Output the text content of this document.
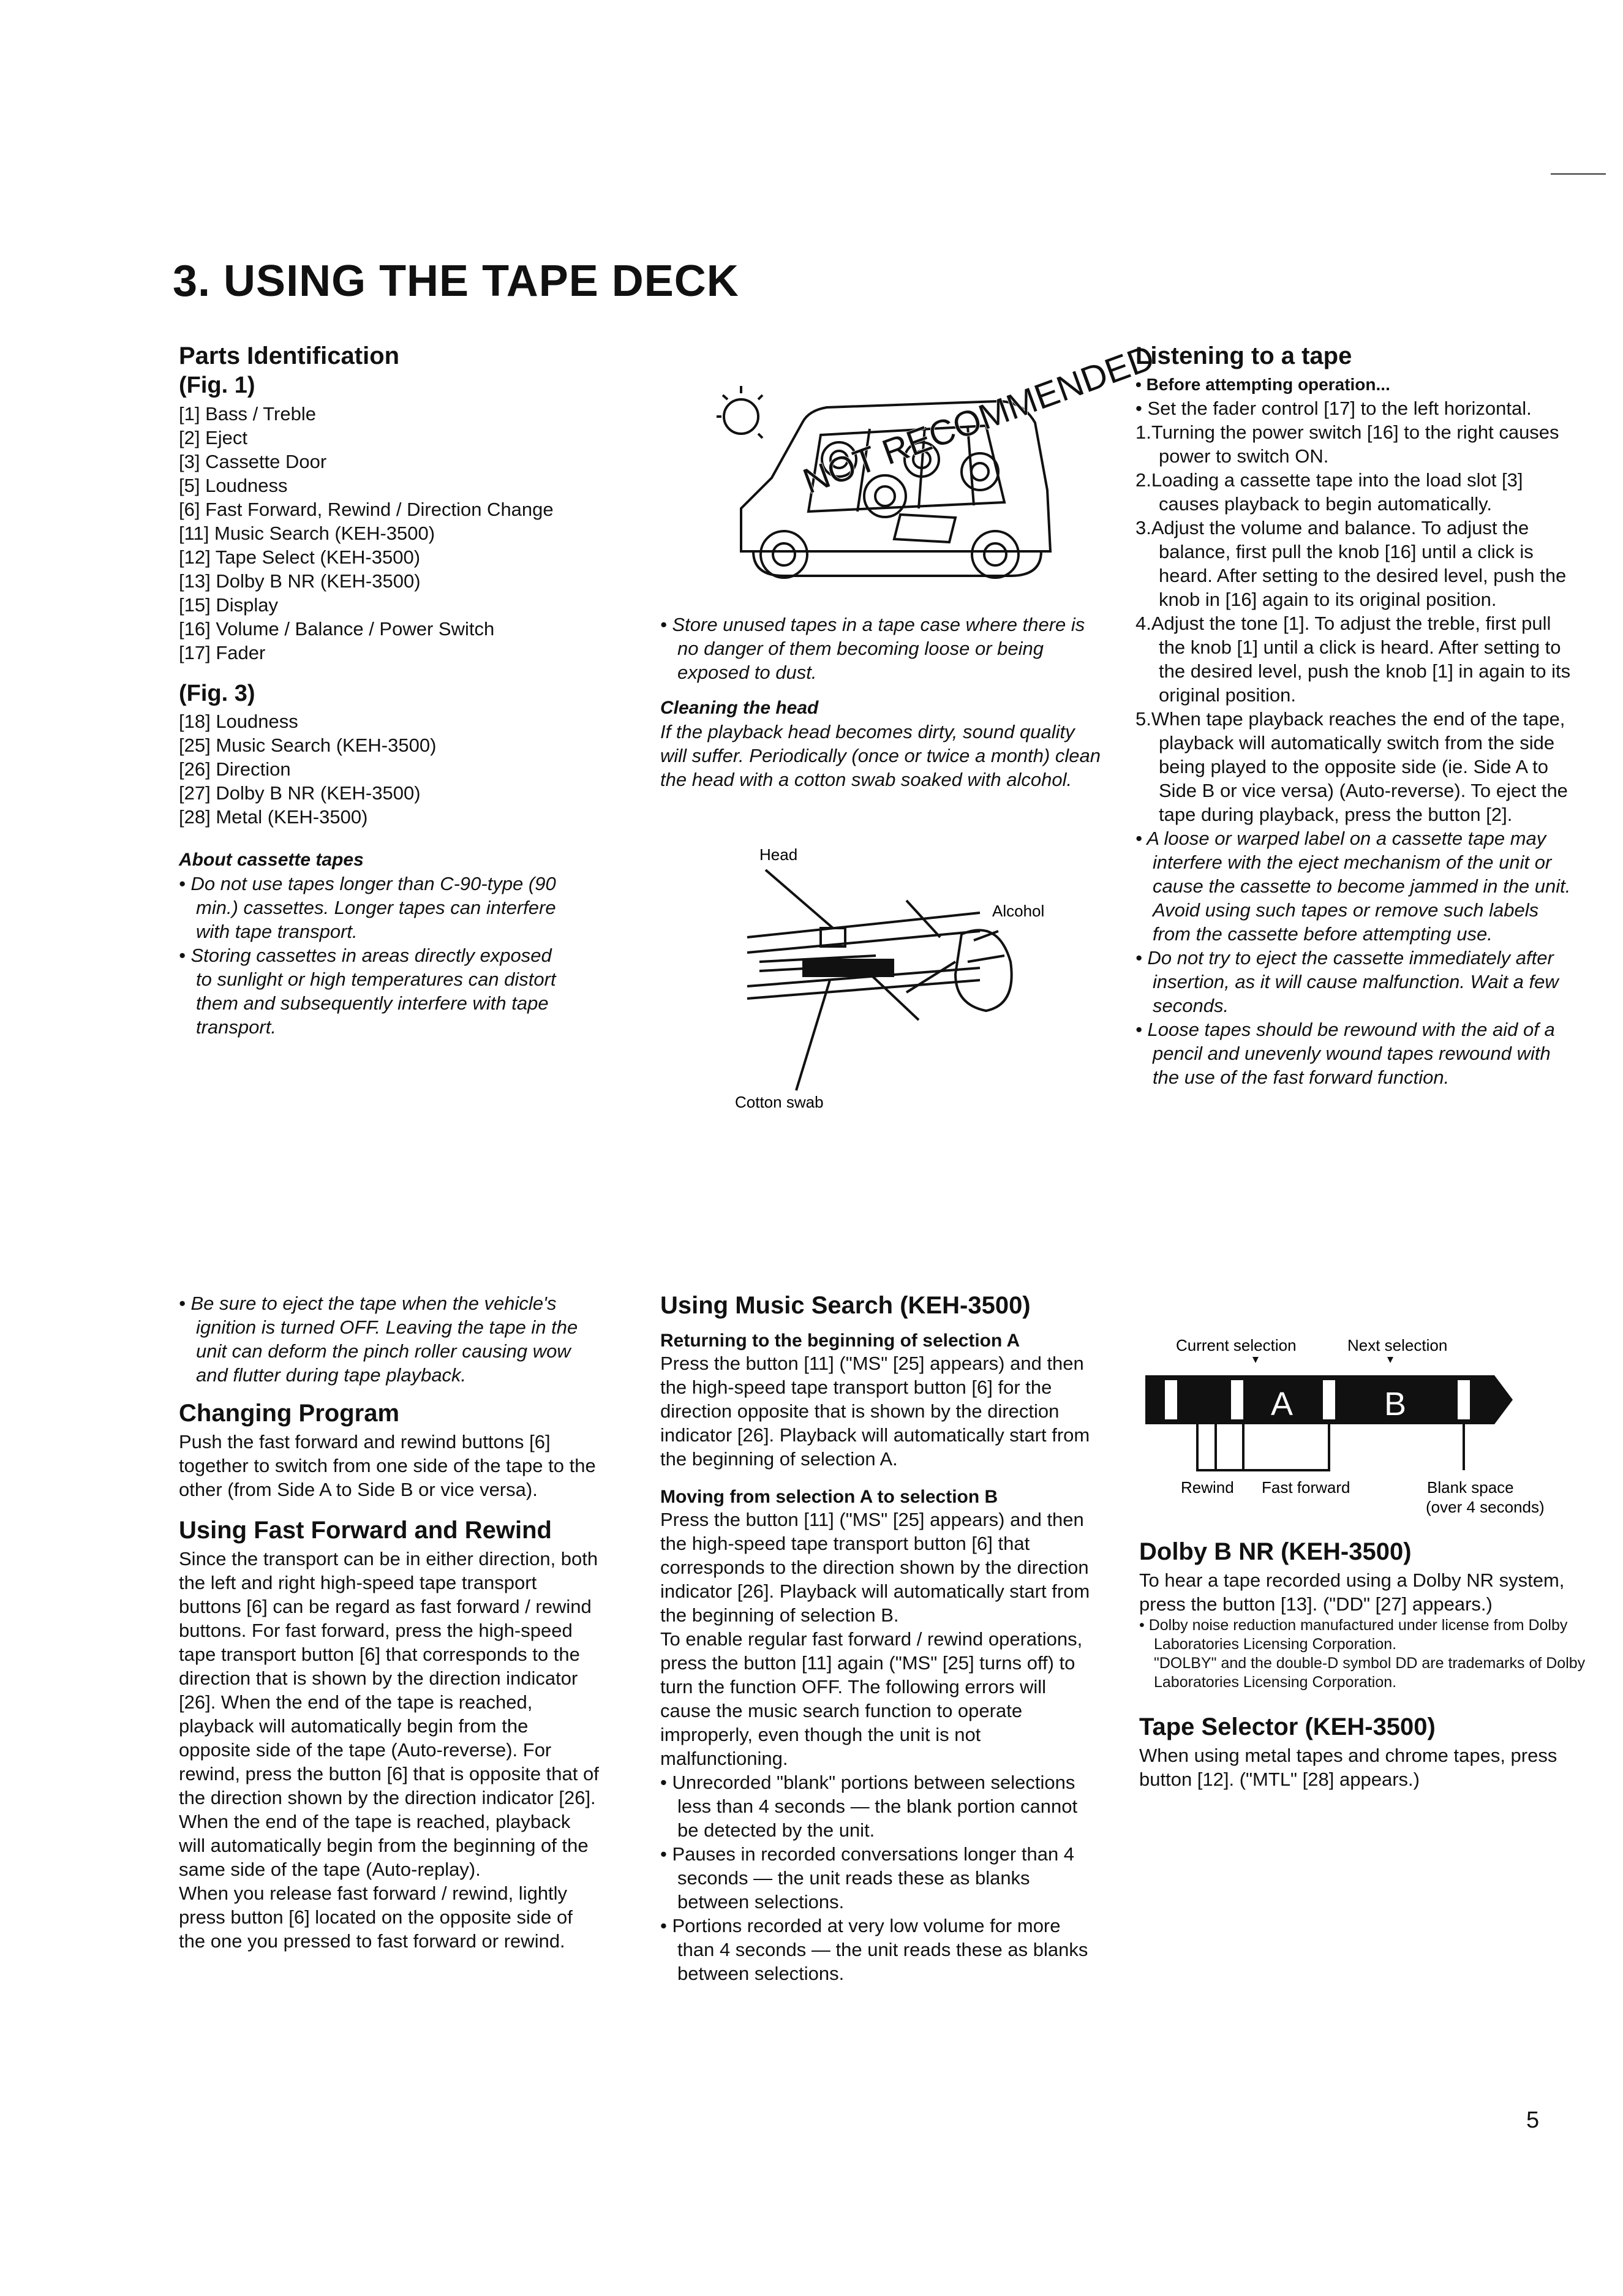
3. USING THE TAPE DECK
Parts Identification
(Fig. 1)
[1] Bass / Treble
[2] Eject
[3] Cassette Door
[5] Loudness
[6] Fast Forward, Rewind / Direction Change
[11] Music Search (KEH-3500)
[12] Tape Select (KEH-3500)
[13] Dolby B NR (KEH-3500)
[15] Display
[16] Volume / Balance / Power Switch
[17] Fader
(Fig. 3)
[18] Loudness
[25] Music Search (KEH-3500)
[26] Direction
[27] Dolby B NR (KEH-3500)
[28] Metal (KEH-3500)
About cassette tapes
• Do not use tapes longer than C-90-type (90 min.) cassettes. Longer tapes can interfere with tape transport.
• Storing cassettes in areas directly exposed to sunlight or high temperatures can distort them and subsequently interfere with tape transport.
NOT RECOMMENDED
• Store unused tapes in a tape case where there is no danger of them becoming loose or being exposed to dust.
Cleaning the head

If the playback head becomes dirty, sound quality will suffer. Periodically (once or twice a month) clean the head with a cotton swab soaked with alcohol.

Head
Alcohol
Cotton swab
Listening to a tape
• Before attempting operation...
• Set the fader control [17] to the left horizontal.
1.Turning the power switch [16] to the right causes power to switch ON.
2.Loading a cassette tape into the load slot [3] causes playback to begin automatically.
3.Adjust the volume and balance. To adjust the balance, first pull the knob [16] until a click is heard. After setting to the desired level, push the knob in [16] again to its original position.
4.Adjust the tone [1]. To adjust the treble, first pull the knob [1] until a click is heard. After setting to the desired level, push the knob [1] in again to its original position.
5.When tape playback reaches the end of the tape, playback will automatically switch from the side being played to the opposite side (ie. Side A to Side B or vice versa) (Auto-reverse). To eject the tape during playback, press the button [2].
• A loose or warped label on a cassette tape may interfere with the eject mechanism of the unit or cause the cassette to become jammed in the unit. Avoid using such tapes or remove such labels from the cassette before attempting use.
• Do not try to eject the cassette immediately after insertion, as it will cause malfunction. Wait a few seconds.
• Loose tapes should be rewound with the aid of a pencil and unevenly wound tapes rewound with the use of the fast forward function.
• Be sure to eject the tape when the vehicle's ignition is turned OFF. Leaving the tape in the unit can deform the pinch roller causing wow and flutter during tape playback.
Changing Program

Push the fast forward and rewind buttons [6] together to switch from one side of the tape to the other (from Side A to Side B or vice versa).

Using Fast Forward and Rewind

Since the transport can be in either direction, both the left and right high-speed tape transport buttons [6] can be regard as fast forward / rewind buttons. For fast forward, press the high-speed tape transport button [6] that corresponds to the direction that is shown by the direction indicator [26]. When the end of the tape is reached, playback will automatically begin from the opposite side of the tape (Auto-reverse). For rewind, press the button [6] that is opposite that of the direction shown by the direction indicator [26]. When the end of the tape is reached, playback will automatically begin from the beginning of the same side of the tape (Auto-replay).

When you release fast forward / rewind, lightly press button [6] located on the opposite side of the one you pressed to fast forward or rewind.

Using Music Search (KEH-3500)
Returning to the beginning of selection A

Press the button [11] ("MS" [25] appears) and then the high-speed tape transport button [6] for the direction opposite that is shown by the direction indicator [26]. Playback will automatically start from the beginning of selection A.

Moving from selection A to selection B

Press the button [11] ("MS" [25] appears) and then the high-speed tape transport button [6] that corresponds to the direction shown by the direction indicator [26]. Playback will automatically start from the beginning of selection B.

To enable regular fast forward / rewind operations, press the button [11] again ("MS" [25] turns off) to turn the function OFF. The following errors will cause the music search function to operate improperly, even though the unit is not malfunctioning.

• Unrecorded "blank" portions between selections less than 4 seconds — the blank portion cannot be detected by the unit.
• Pauses in recorded conversations longer than 4 seconds — the unit reads these as blanks between selections.
• Portions recorded at very low volume for more than 4 seconds — the unit reads these as blanks between selections.
Current selection	Next selection
A	B
Rewind Fast forward	Blank space
(over 4 seconds)
Dolby B NR (KEH-3500)

To hear a tape recorded using a Dolby NR system, press the button [13]. ("DD" [27] appears.)

• Dolby noise reduction manufactured under license from Dolby Laboratories Licensing Corporation.

"DOLBY" and the double-D symbol DD are trademarks of Dolby Laboratories Licensing Corporation.

Tape Selector (KEH-3500)

When using metal tapes and chrome tapes, press button [12]. ("MTL" [28] appears.)

5
